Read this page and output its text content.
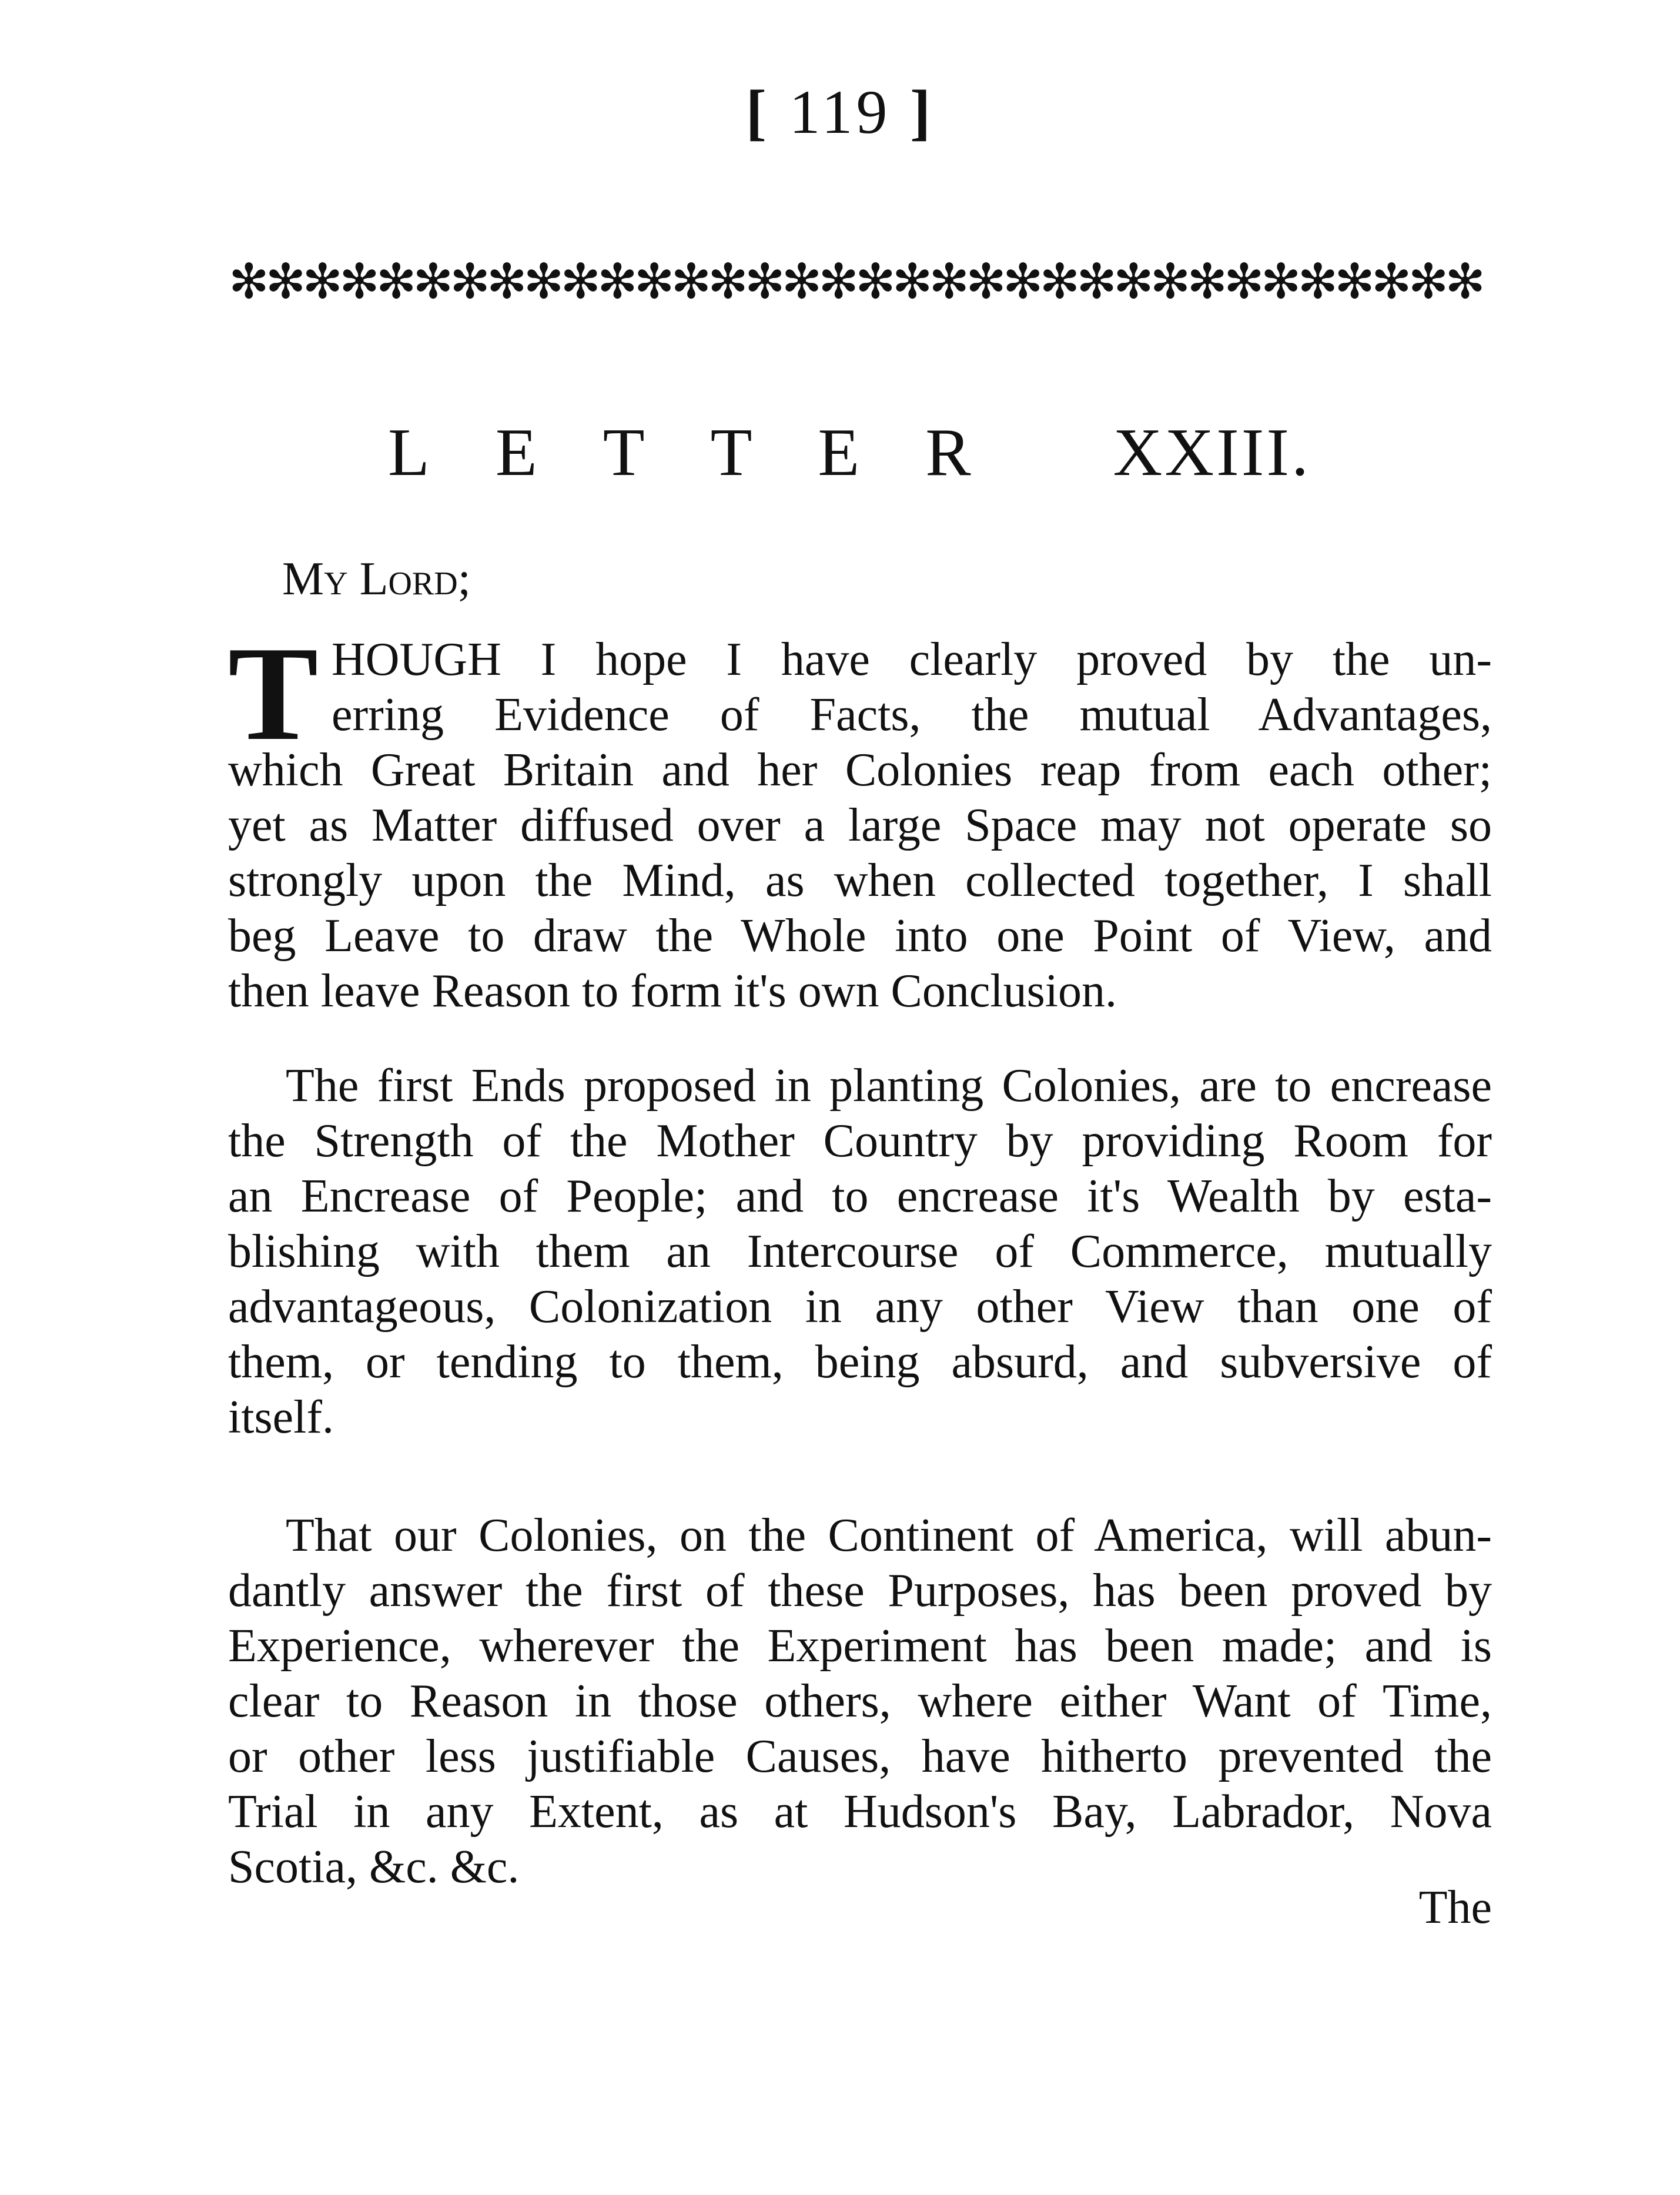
[ 119 ]
✻✻✻✻✻✻✻✻✻✻✻✻✻✻✻✻✻✻✻✻✻✻✻✻✻✻✻✻✻✻✻✻✻✻
LETTER XXIII.
My Lord;
T HOUGH I hope I have clearly proved by the un-
erring Evidence of Facts, the mutual Advantages,
which Great Britain and her Colonies reap from each other;
yet as Matter diffused over a large Space may not operate so
strongly upon the Mind, as when collected together, I shall
beg Leave to draw the Whole into one Point of View, and
then leave Reason to form it's own Conclusion.
The first Ends proposed in planting Colonies, are to encrease
the Strength of the Mother Country by providing Room for
an Encrease of People; and to encrease it's Wealth by esta-
blishing with them an Intercourse of Commerce, mutually
advantageous, Colonization in any other View than one of
them, or tending to them, being absurd, and subversive of
itself.
That our Colonies, on the Continent of America, will abun-
dantly answer the first of these Purposes, has been proved by
Experience, wherever the Experiment has been made; and is
clear to Reason in those others, where either Want of Time,
or other less justifiable Causes, have hitherto prevented the
Trial in any Extent, as at Hudson's Bay, Labrador, Nova
Scotia, &c. &c.
The
